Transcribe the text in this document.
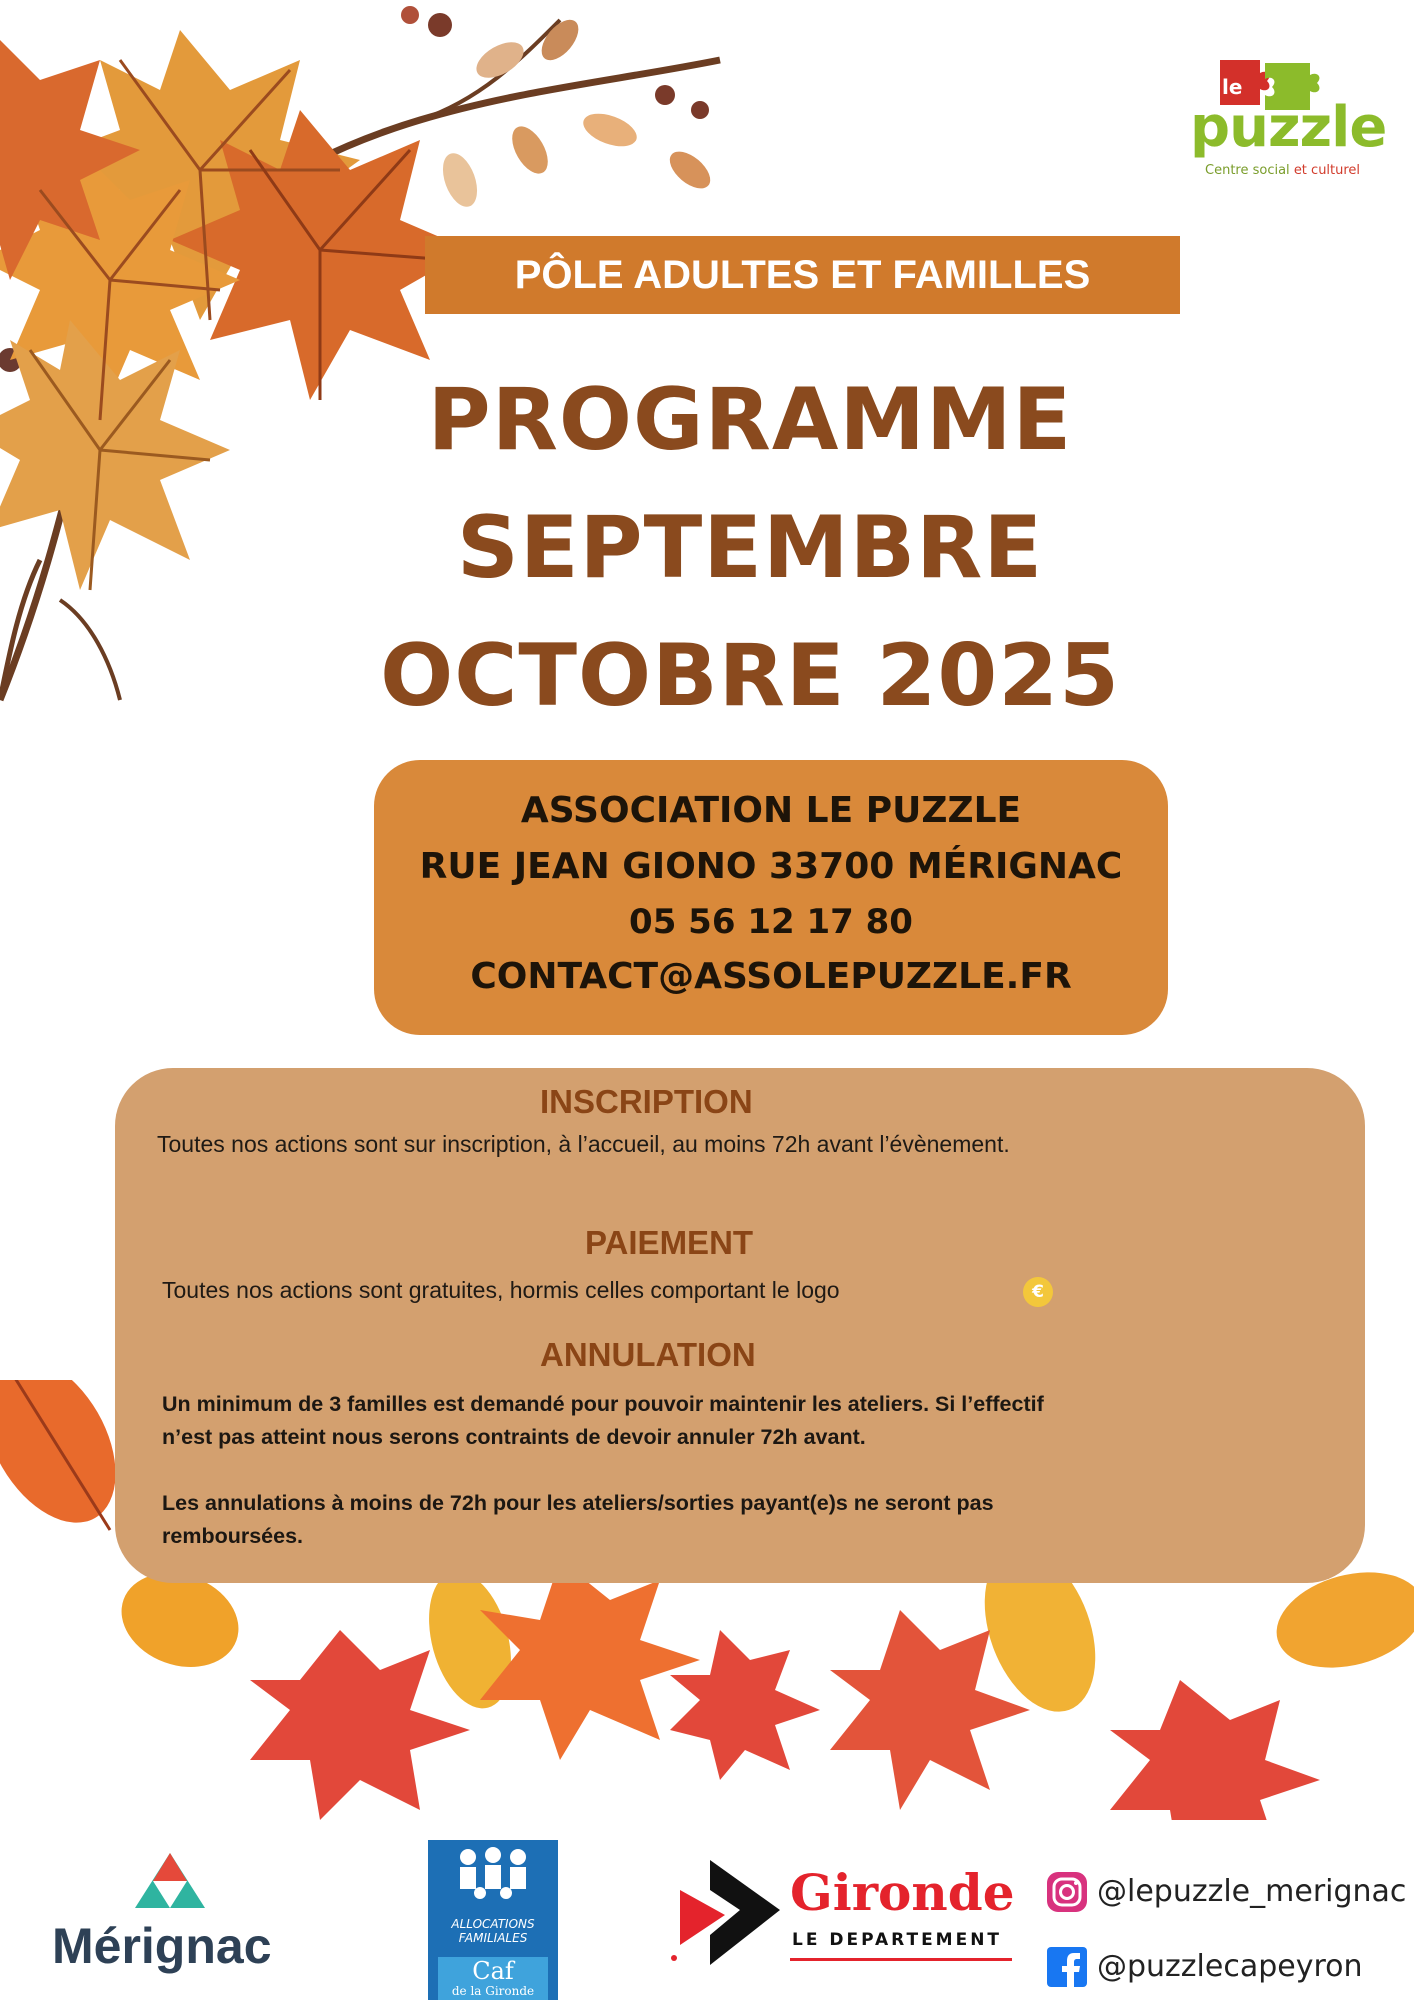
le
puzzle
Centre social et culturel
PÔLE ADULTES ET FAMILLES
PROGRAMME
SEPTEMBRE
OCTOBRE 2025
ASSOCIATION LE PUZZLE
RUE JEAN GIONO 33700 MÉRIGNAC
05 56 12 17 80
CONTACT@ASSOLEPUZZLE.FR
INSCRIPTION
Toutes nos actions sont sur inscription, à l’accueil, au moins 72h avant l’évènement.
PAIEMENT
Toutes nos actions sont gratuites, hormis celles comportant le logo	€
ANNULATION
Un minimum de 3 familles est demandé pour pouvoir maintenir les ateliers. Si l’effectif
n’est pas atteint nous serons contraints de devoir annuler 72h avant.
Les annulations à moins de 72h pour les ateliers/sorties payant(e)s ne seront pas
remboursées.
Mérignac	ALLOCATIONS
FAMILIALES
Caf
de la Gironde
Gironde
LE DEPARTEMENT
@lepuzzle_merignac
@puzzlecapeyron
